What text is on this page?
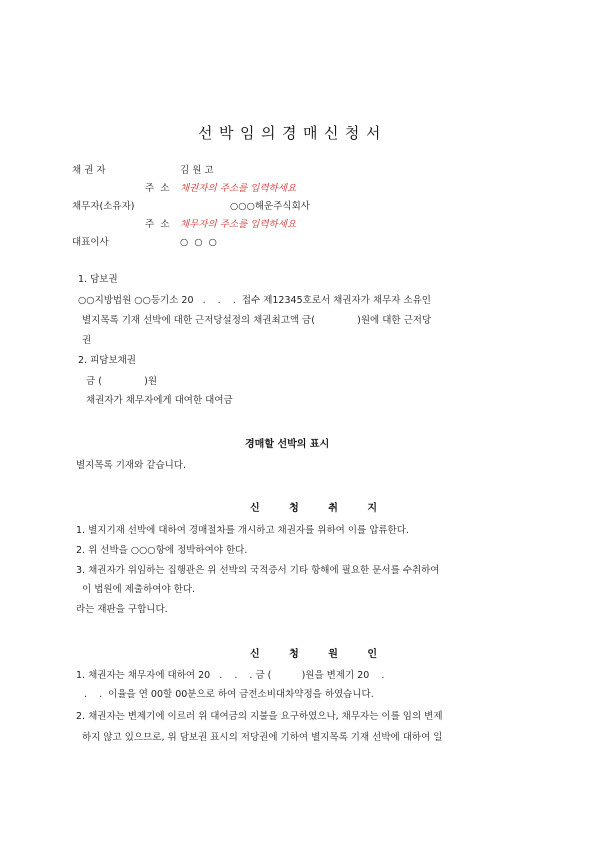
선박임의경매신청서
채 권 자	김 원 고
주  소 채권자의 주소를 입력하세요
채무자(소유자)	○○○해운주식회사
주  소 채무자의 주소를 입력하세요
대표이사	○  ○  ○
1. 담보권
○○지방법원 ○○등기소 20   .    .    .  접수 제12345호로서 채권자가 채무자 소유인
별지목록 기재 선박에 대한 근저당설정의 채권최고액 금(              )원에 대한 근저당
권
2. 피담보채권
금 (              )원
채권자가 채무자에게 대여한 대여금
경매할 선박의 표시
별지목록 기재와 같습니다.
신 청 취 지
1. 별지기재 선박에 대하여 경매절차를 개시하고 채권자를 위하여 이를 압류한다.
2. 위 선박을 ○○○항에 정박하여야 한다.
3. 채권자가 위임하는 집행관은 위 선박의 국적증서 기타 항해에 필요한 문서를 수취하여
이 법원에 제출하여야 한다.
라는 재판을 구합니다.
신 청 원 인
1. 채권자는 채무자에 대하여 20   .    .    . 금 (          )원을 변제기 20    .
.    .  이율을 연 00할 00분으로 하여 금전소비대차약정을 하였습니다.
2. 채권자는 변제기에 이르러 위 대여금의 지불을 요구하였으나, 채무자는 이를 임의 변제
하지 않고 있으므로, 위 담보권 표시의 저당권에 기하여 별지목록 기재 선박에 대하여 일
